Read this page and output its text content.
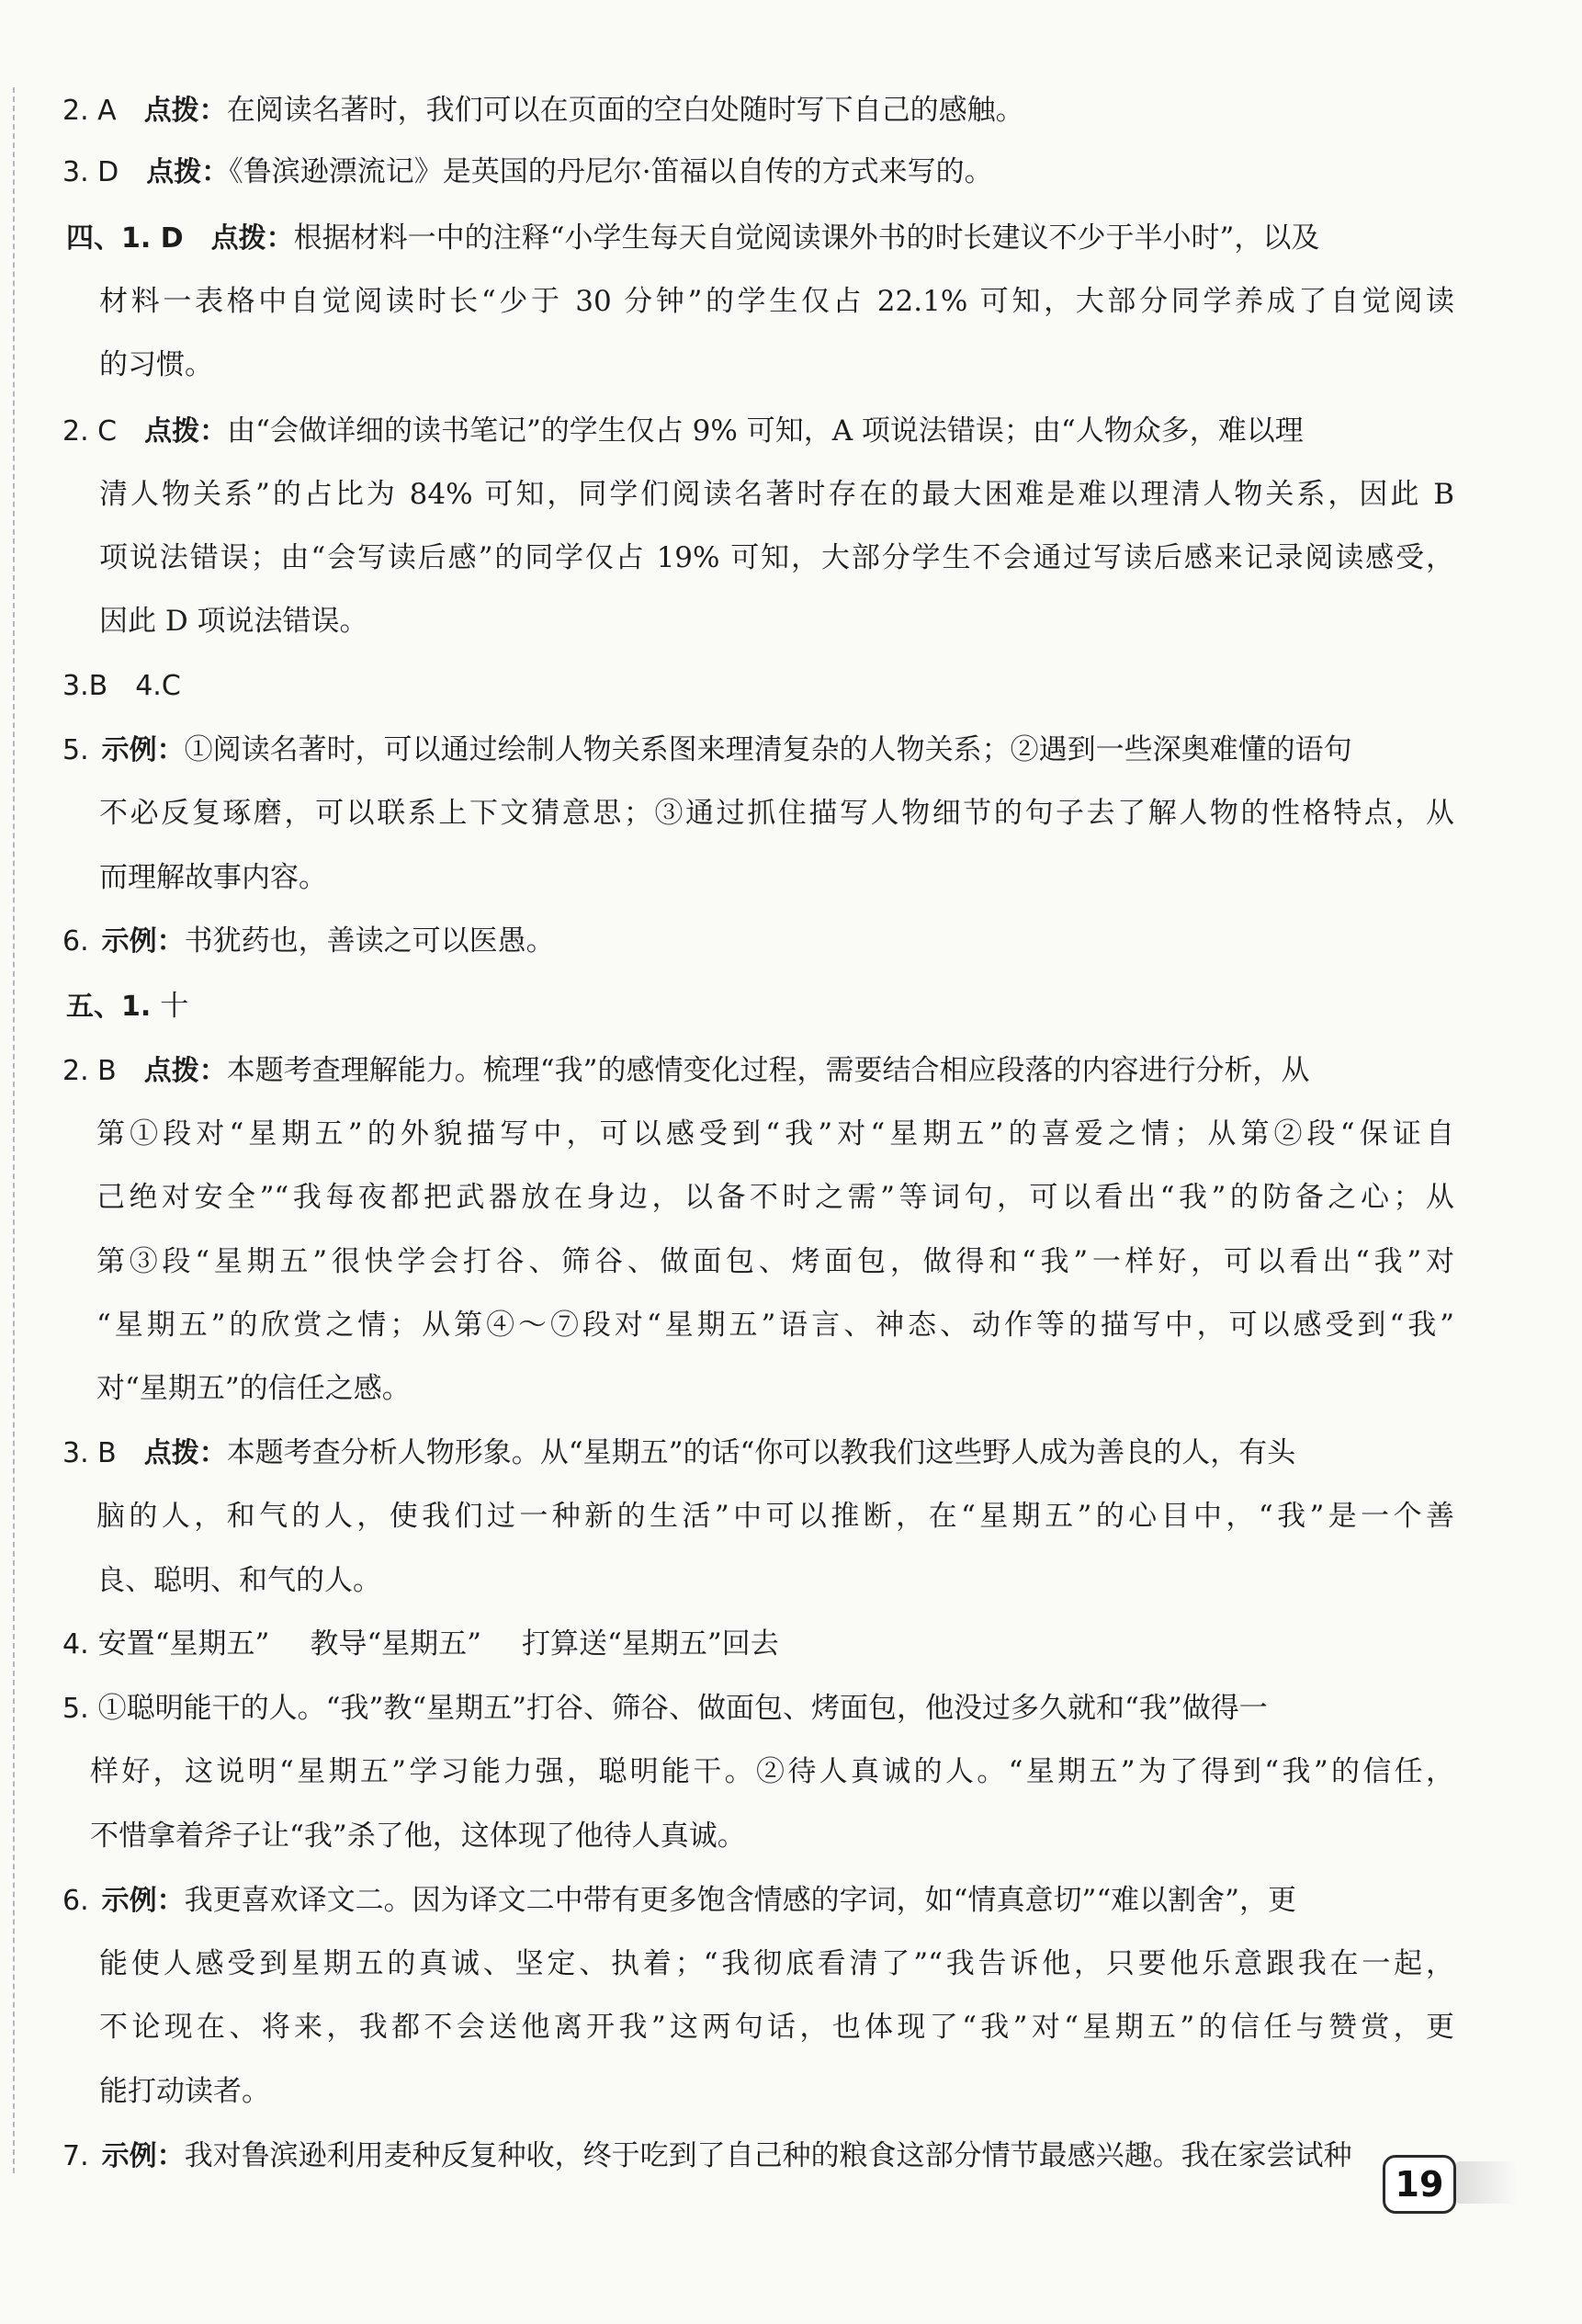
2. A 点拨：在阅读名著时，我们可以在页面的空白处随时写下自己的感触。
3. D 点拨：《鲁滨逊漂流记》是英国的丹尼尔·笛福以自传的方式来写的。
四、1. D 点拨：根据材料一中的注释“小学生每天自觉阅读课外书的时长建议不少于半小时”，以及
材料一表格中自觉阅读时长“少于 30 分钟”的学生仅占 22.1% 可知，大部分同学养成了自觉阅读
的习惯。
2. C 点拨：由“会做详细的读书笔记”的学生仅占 9% 可知，A 项说法错误；由“人物众多，难以理
清人物关系”的占比为 84% 可知，同学们阅读名著时存在的最大困难是难以理清人物关系，因此 B
项说法错误；由“会写读后感”的同学仅占 19% 可知，大部分学生不会通过写读后感来记录阅读感受，
因此 D 项说法错误。
3.B 4.C
5. 示例：①阅读名著时，可以通过绘制人物关系图来理清复杂的人物关系；②遇到一些深奥难懂的语句
不必反复琢磨，可以联系上下文猜意思；③通过抓住描写人物细节的句子去了解人物的性格特点，从
而理解故事内容。
6. 示例：书犹药也，善读之可以医愚。
五、1. 十
2. B 点拨：本题考查理解能力。梳理“我”的感情变化过程，需要结合相应段落的内容进行分析，从
第①段对“星期五”的外貌描写中，可以感受到“我”对“星期五”的喜爱之情；从第②段“保证自
己绝对安全”“我每夜都把武器放在身边，以备不时之需”等词句，可以看出“我”的防备之心；从
第③段“星期五”很快学会打谷、筛谷、做面包、烤面包，做得和“我”一样好，可以看出“我”对
“星期五”的欣赏之情；从第④～⑦段对“星期五”语言、神态、动作等的描写中，可以感受到“我”
对“星期五”的信任之感。
3. B 点拨：本题考查分析人物形象。从“星期五”的话“你可以教我们这些野人成为善良的人，有头
脑的人，和气的人，使我们过一种新的生活”中可以推断，在“星期五”的心目中，“我”是一个善
良、聪明、和气的人。
4. 安置“星期五” 教导“星期五” 打算送“星期五”回去
5. ①聪明能干的人。“我”教“星期五”打谷、筛谷、做面包、烤面包，他没过多久就和“我”做得一
样好，这说明“星期五”学习能力强，聪明能干。②待人真诚的人。“星期五”为了得到“我”的信任，
不惜拿着斧子让“我”杀了他，这体现了他待人真诚。
6. 示例：我更喜欢译文二。因为译文二中带有更多饱含情感的字词，如“情真意切”“难以割舍”，更
能使人感受到星期五的真诚、坚定、执着；“我彻底看清了”“我告诉他，只要他乐意跟我在一起，
不论现在、将来，我都不会送他离开我”这两句话，也体现了“我”对“星期五”的信任与赞赏，更
能打动读者。
7. 示例：我对鲁滨逊利用麦种反复种收，终于吃到了自己种的粮食这部分情节最感兴趣。我在家尝试种
19
